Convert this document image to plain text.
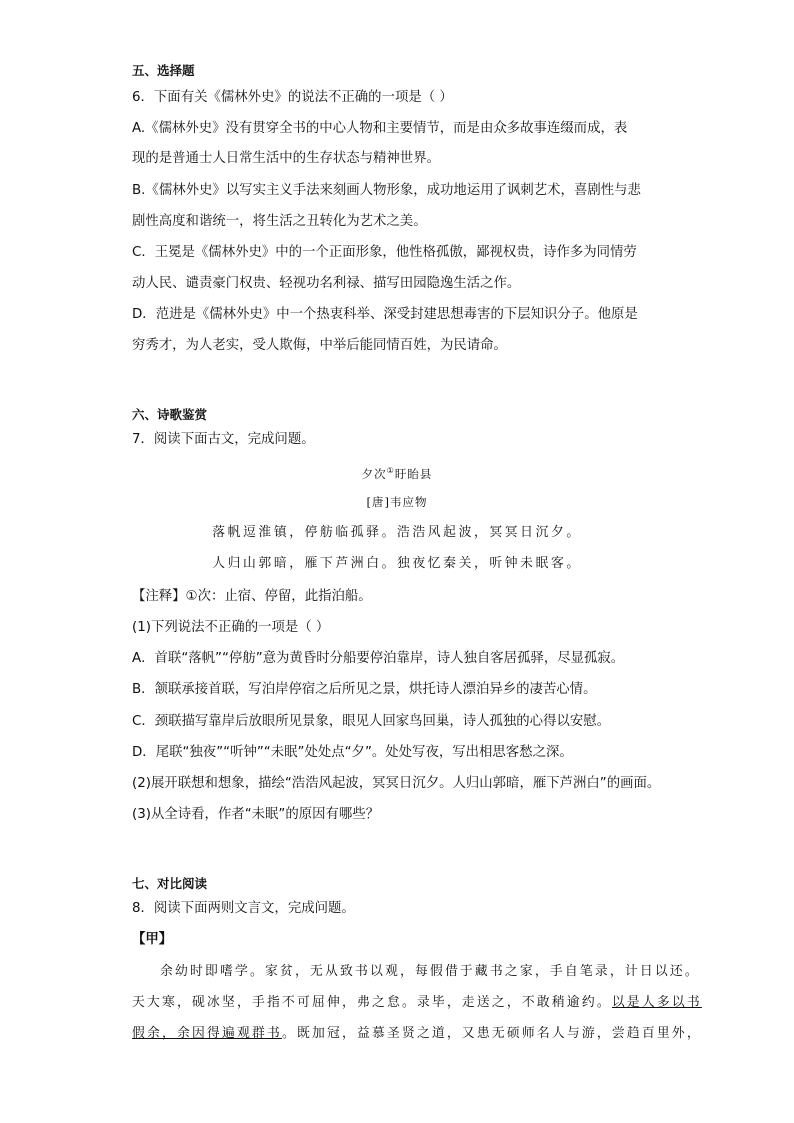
五、选择题
6．下面有关《儒林外史》的说法不正确的一项是（ ）
A.《儒林外史》没有贯穿全书的中心人物和主要情节，而是由众多故事连缀而成，表
现的是普通士人日常生活中的生存状态与精神世界。
B.《儒林外史》以写实主义手法来刻画人物形象，成功地运用了讽刺艺术，喜剧性与悲
剧性高度和谐统一，将生活之丑转化为艺术之美。
C．王冕是《儒林外史》中的一个正面形象，他性格孤傲，鄙视权贵，诗作多为同情劳
动人民、谴责豪门权贵、轻视功名利禄、描写田园隐逸生活之作。
D．范进是《儒林外史》中一个热衷科举、深受封建思想毒害的下层知识分子。他原是
穷秀才，为人老实，受人欺侮，中举后能同情百姓，为民请命。
六、诗歌鉴赏
7．阅读下面古文，完成问题。
夕次①盱眙县
[唐]韦应物
落帆逗淮镇，停舫临孤驿。浩浩风起波，冥冥日沉夕。
人归山郭暗，雁下芦洲白。独夜忆秦关，听钟未眠客。
【注释】①次：止宿、停留，此指泊船。
(1)下列说法不正确的一项是（ ）
A．首联“落帆”“停舫”意为黄昏时分船要停泊靠岸，诗人独自客居孤驿，尽显孤寂。
B．颔联承接首联，写泊岸停宿之后所见之景，烘托诗人漂泊异乡的凄苦心情。
C．颈联描写靠岸后放眼所见景象，眼见人回家鸟回巢，诗人孤独的心得以安慰。
D．尾联“独夜”“听钟”“未眠”处处点“夕”。处处写夜，写出相思客愁之深。
(2)展开联想和想象，描绘“浩浩风起波，冥冥日沉夕。人归山郭暗，雁下芦洲白”的画面。
(3)从全诗看，作者“未眠”的原因有哪些？
七、对比阅读
8．阅读下面两则文言文，完成问题。
【甲】
余幼时即嗜学。家贫，无从致书以观，每假借于藏书之家，手自笔录，计日以还。
天大寒，砚冰坚，手指不可屈伸，弗之怠。录毕，走送之，不敢稍逾约。以是人多以书
假余，余因得遍观群书。既加冠，益慕圣贤之道，又患无硕师名人与游，尝趋百里外，
